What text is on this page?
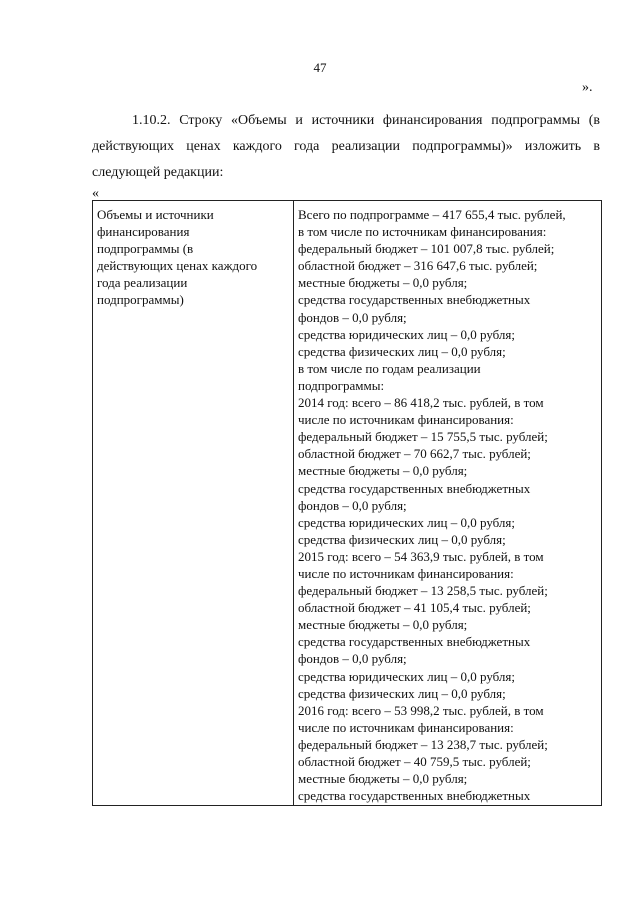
47
».
1.10.2. Строку «Объемы и источники финансирования подпрограммы (в действующих ценах каждого года реализации подпрограммы)» изложить в следующей редакции:
«
Объемы и источники
финансирования
подпрограммы (в
действующих ценах каждого
года реализации
подпрограммы)
Всего по подпрограмме – 417 655,4 тыс. рублей,
в том числе по источникам финансирования:
федеральный бюджет – 101 007,8 тыс. рублей;
областной бюджет – 316 647,6 тыс. рублей;
местные бюджеты – 0,0 рубля;
средства государственных внебюджетных
фондов – 0,0 рубля;
средства юридических лиц – 0,0 рубля;
средства физических лиц – 0,0 рубля;
в том числе по годам реализации
подпрограммы:
2014 год: всего – 86 418,2 тыс. рублей, в том
числе по источникам финансирования:
федеральный бюджет – 15 755,5 тыс. рублей;
областной бюджет – 70 662,7 тыс. рублей;
местные бюджеты – 0,0 рубля;
средства государственных внебюджетных
фондов – 0,0 рубля;
средства юридических лиц – 0,0 рубля;
средства физических лиц – 0,0 рубля;
2015 год: всего – 54 363,9 тыс. рублей, в том
числе по источникам финансирования:
федеральный бюджет – 13 258,5 тыс. рублей;
областной бюджет – 41 105,4 тыс. рублей;
местные бюджеты – 0,0 рубля;
средства государственных внебюджетных
фондов – 0,0 рубля;
средства юридических лиц – 0,0 рубля;
средства физических лиц – 0,0 рубля;
2016 год: всего – 53 998,2 тыс. рублей, в том
числе по источникам финансирования:
федеральный бюджет – 13 238,7 тыс. рублей;
областной бюджет – 40 759,5 тыс. рублей;
местные бюджеты – 0,0 рубля;
средства государственных внебюджетных
